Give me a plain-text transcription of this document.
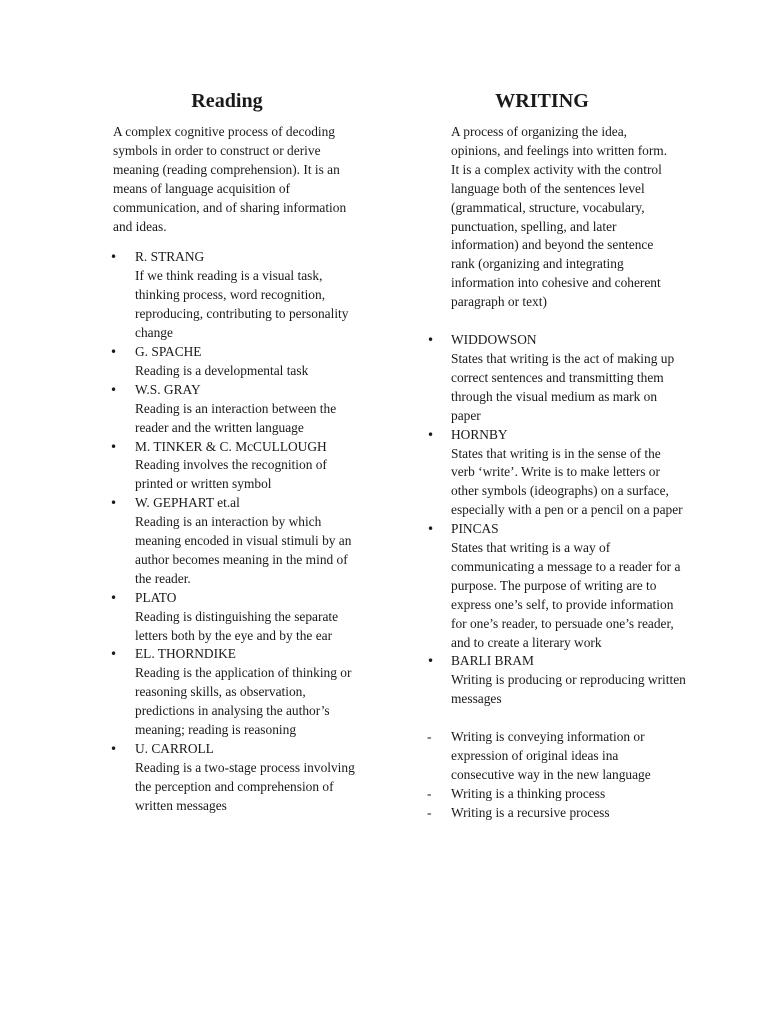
Reading

A complex cognitive process of decoding symbols in order to construct or derive meaning (reading comprehension). It is an means of language acquisition of communication, and of sharing information and ideas.

•	R. STRANG
If we think reading is a visual task, thinking process, word recognition, reproducing, contributing to personality change
•	G. SPACHE
Reading is a developmental task
•	W.S. GRAY
Reading is an interaction between the reader and the written language
•	M. TINKER & C. McCULLOUGH
Reading involves the recognition of printed or written symbol
•	W. GEPHART et.al
Reading is an interaction by which meaning encoded in visual stimuli by an author becomes meaning in the mind of the reader.
•	PLATO
Reading is distinguishing the separate letters both by the eye and by the ear
•	EL. THORNDIKE
Reading is the application of thinking or reasoning skills, as observation, predictions in analysing the author’s meaning; reading is reasoning
•	U. CARROLL
Reading is a two-stage process involving the perception and comprehension of written messages
WRITING

A process of organizing the idea, opinions, and feelings into written form. It is a complex activity with the control language both of the sentences level (grammatical, structure, vocabulary, punctuation, spelling, and later information) and beyond the sentence rank (organizing and integrating information into cohesive and coherent paragraph or text)

•	WIDDOWSON
States that writing is the act of making up correct sentences and transmitting them through the visual medium as mark on paper
•	HORNBY
States that writing is in the sense of the verb ‘write’. Write is to make letters or other symbols (ideographs) on a surface, especially with a pen or a pencil on a paper
•	PINCAS
States that writing is a way of communicating a message to a reader for a purpose. The purpose of writing are to express one’s self, to provide information for one’s reader, to persuade one’s reader, and to create a literary work
•	BARLI BRAM
Writing is producing or reproducing written messages
- Writing is conveying information or expression of original ideas ina consecutive way in the new language
- Writing is a thinking process
- Writing is a recursive process
